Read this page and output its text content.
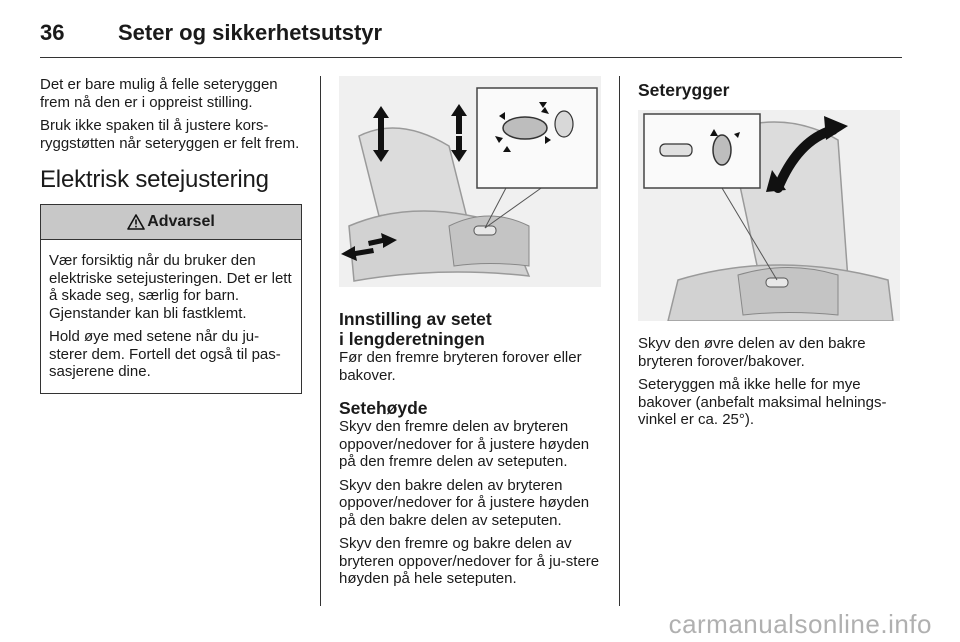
36 Seter og sikkerhetsutstyr

Det er bare mulig å felle seteryggen frem nå den er i oppreist stilling.

Bruk ikke spaken til å justere kors-ryggstøtten når seteryggen er felt frem.

Elektrisk setejustering
Advarsel

Vær forsiktig når du bruker den elektriske setejusteringen. Det er lett å skade seg, særlig for barn. Gjenstander kan bli fastklemt.

Hold øye med setene når du ju-sterer dem. Fortell det også til pas-sasjerene dine.

Innstilling av setet
i lengderetningen

Før den fremre bryteren forover eller bakover.

Setehøyde

Skyv den fremre delen av bryteren oppover/nedover for å justere høyden på den fremre delen av seteputen.

Skyv den bakre delen av bryteren oppover/nedover for å justere høyden på den bakre delen av seteputen.

Skyv den fremre og bakre delen av bryteren oppover/nedover for å ju-stere høyden på hele seteputen.

Seterygger

Skyv den øvre delen av den bakre bryteren forover/bakover.

Seteryggen må ikke helle for mye bakover (anbefalt maksimal helnings-vinkel er ca. 25°).

carmanualsonline.info
